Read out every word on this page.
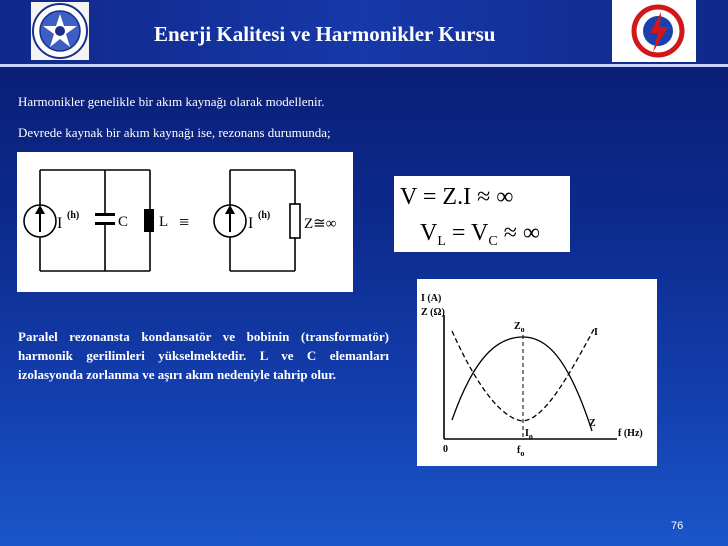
Enerji Kalitesi ve Harmonikler Kursu
Harmonikler genelikle bir akım kaynağı olarak modellenir.
Devrede kaynak bir akım kaynağı ise, rezonans durumunda;
I (h)	C L ≡	I (h)
Z≅∞
V = Z.I ≈ ∞
$V_L = V_C$ ≈ ∞
I (A)
Z (Ω)
$Z_o$	I
Z
$I_o$	f (Hz)
0	$f_o$
Paralel rezonansta kondansatör ve bobinin (transformatör) harmonik gerilimleri yükselmektedir. L ve C elemanları izolasyonda zorlanma ve aşırı akım nedeniyle tahrip olur.
76
